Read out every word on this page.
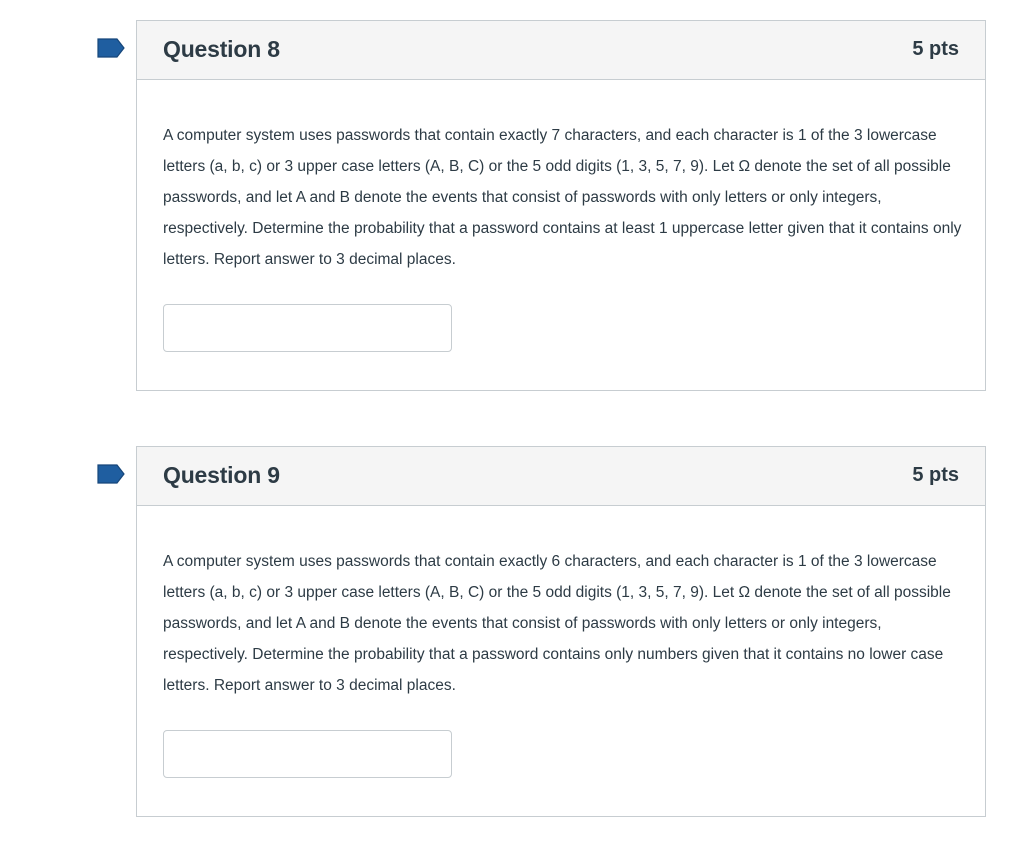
Question 8	5 pts

A computer system uses passwords that contain exactly 7 characters, and each character is 1 of the 3 lowercase letters (a, b, c) or 3 upper case letters (A, B, C) or the 5 odd digits (1, 3, 5, 7, 9). Let Ω denote the set of all possible passwords, and let A and B denote the events that consist of passwords with only letters or only integers, respectively. Determine the probability that a password contains at least 1 uppercase letter given that it contains only letters. Report answer to 3 decimal places.

Question 9	5 pts

A computer system uses passwords that contain exactly 6 characters, and each character is 1 of the 3 lowercase letters (a, b, c) or 3 upper case letters (A, B, C) or the 5 odd digits (1, 3, 5, 7, 9). Let Ω denote the set of all possible passwords, and let A and B denote the events that consist of passwords with only letters or only integers, respectively. Determine the probability that a password contains only numbers given that it contains no lower case letters. Report answer to 3 decimal places.
